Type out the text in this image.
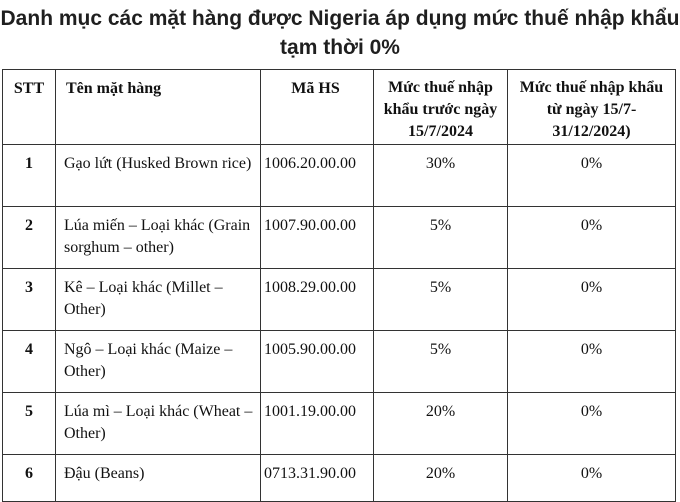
Danh mục các mặt hàng được Nigeria áp dụng mức thuế nhập khẩu tạm thời 0%
STT	Tên mặt hàng	Mã HS	Mức thuế nhập khẩu trước ngày 15/7/2024	Mức thuế nhập khẩu từ ngày 15/7-31/12/2024)
1	Gạo lứt (Husked Brown rice)	1006.20.00.00	30%	0%
2	Lúa miến – Loại khác (Grain sorghum – other)	1007.90.00.00	5%	0%
3	Kê – Loại khác (Millet – Other)	1008.29.00.00	5%	0%
4	Ngô – Loại khác (Maize – Other)	1005.90.00.00	5%	0%
5	Lúa mì – Loại khác (Wheat – Other)	1001.19.00.00	20%	0%
6	Đậu (Beans)	0713.31.90.00	20%	0%
